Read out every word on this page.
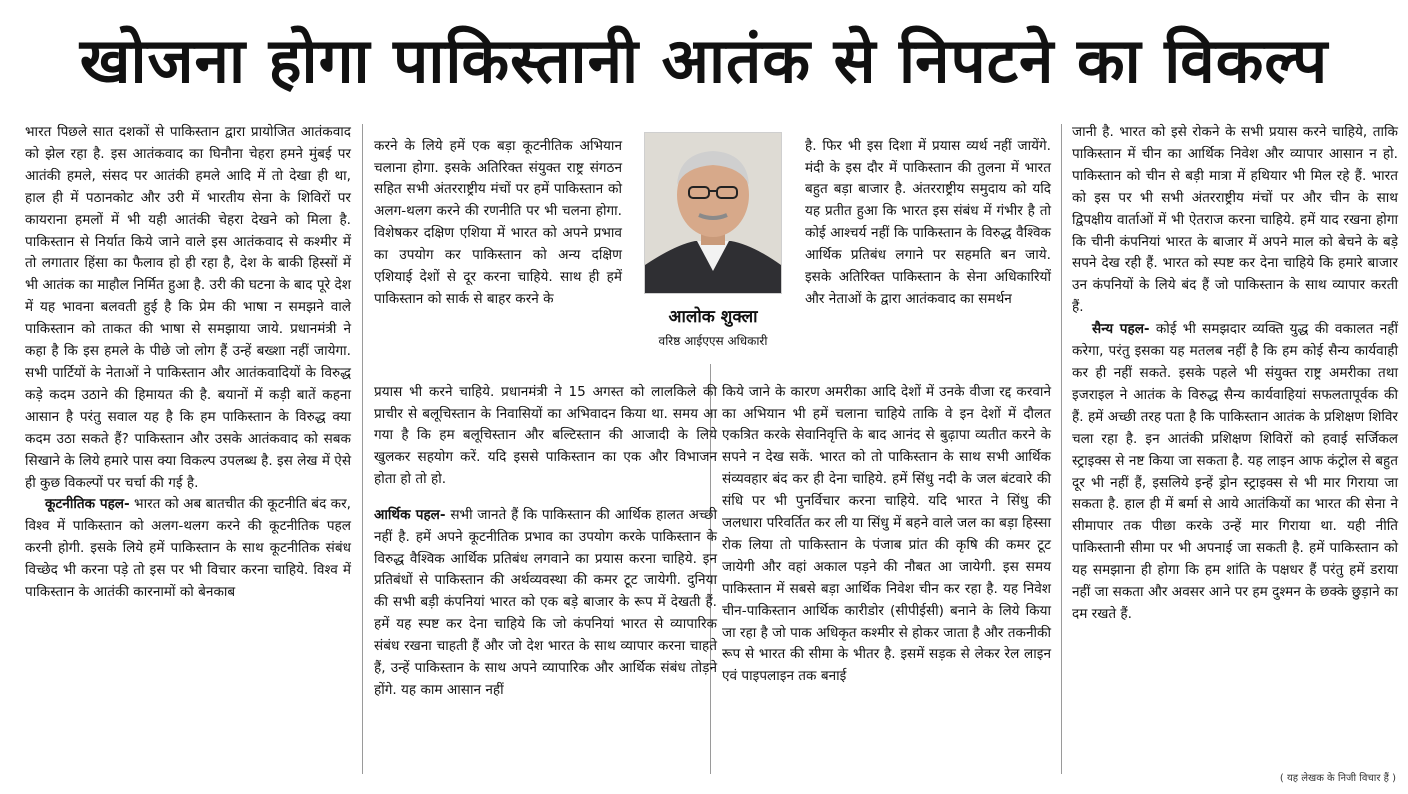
खोजना होगा पाकिस्तानी आतंक से निपटने का विकल्प

भारत पिछले सात दशकों से पाकिस्तान द्वारा प्रायोजित आतंकवाद को झेल रहा है. इस आतंकवाद का घिनौना चेहरा हमने मुंबई पर आतंकी हमले, संसद पर आतंकी हमले आदि में तो देखा ही था, हाल ही में पठानकोट और उरी में भारतीय सेना के शिविरों पर कायराना हमलों में भी यही आतंकी चेहरा देखने को मिला है. पाकिस्तान से निर्यात किये जाने वाले इस आतंकवाद से कश्मीर में तो लगातार हिंसा का फैलाव हो ही रहा है, देश के बाकी हिस्सों में भी आतंक का माहौल निर्मित हुआ है. उरी की घटना के बाद पूरे देश में यह भावना बलवती हुई है कि प्रेम की भाषा न समझने वाले पाकिस्तान को ताकत की भाषा से समझाया जाये. प्रधानमंत्री ने कहा है कि इस हमले के पीछे जो लोग हैं उन्हें बख्शा नहीं जायेगा. सभी पार्टियों के नेताओं ने पाकिस्तान और आतंकवादियों के विरुद्ध कड़े कदम उठाने की हिमायत की है. बयानों में कड़ी बातें कहना आसान है परंतु सवाल यह है कि हम पाकिस्तान के विरुद्ध क्या कदम उठा सकते हैं? पाकिस्तान और उसके आतंकवाद को सबक सिखाने के लिये हमारे पास क्या विकल्प उपलब्ध है. इस लेख में ऐसे ही कुछ विकल्पों पर चर्चा की गई है.

कूटनीतिक पहल- भारत को अब बातचीत की कूटनीति बंद कर, विश्व में पाकिस्तान को अलग-थलग करने की कूटनीतिक पहल करनी होगी. इसके लिये हमें पाकिस्तान के साथ कूटनीतिक संबंध विच्छेद भी करना पड़े तो इस पर भी विचार करना चाहिये. विश्व में पाकिस्तान के आतंकी कारनामों को बेनकाब

करने के लिये हमें एक बड़ा कूटनीतिक अभियान चलाना होगा. इसके अतिरिक्त संयुक्त राष्ट्र संगठन सहित सभी अंतरराष्ट्रीय मंचों पर हमें पाकिस्तान को अलग-थलग करने की रणनीति पर भी चलना होगा. विशेषकर दक्षिण एशिया में भारत को अपने प्रभाव का उपयोग कर पाकिस्तान को अन्य दक्षिण एशियाई देशों से दूर करना चाहिये. साथ ही हमें पाकिस्तान को सार्क से बाहर करने के

आलोक शुक्ला
वरिष्ठ आईएएस अधिकारी

प्रयास भी करने चाहिये. प्रधानमंत्री ने 15 अगस्त को लालकिले की प्राचीर से बलूचिस्तान के निवासियों का अभिवादन किया था. समय आ गया है कि हम बलूचिस्तान और बल्टिस्तान की आजादी के लिये खुलकर सहयोग करें. यदि इससे पाकिस्तान का एक और विभाजन होता हो तो हो.

आर्थिक पहल- सभी जानते हैं कि पाकिस्तान की आर्थिक हालत अच्छी नहीं है. हमें अपने कूटनीतिक प्रभाव का उपयोग करके पाकिस्तान के विरुद्ध वैश्विक आर्थिक प्रतिबंध लगवाने का प्रयास करना चाहिये. इन प्रतिबंधों से पाकिस्तान की अर्थव्यवस्था की कमर टूट जायेगी. दुनिया की सभी बड़ी कंपनियां भारत को एक बड़े बाजार के रूप में देखती हैं. हमें यह स्पष्ट कर देना चाहिये कि जो कंपनियां भारत से व्यापारिक संबंध रखना चाहती हैं और जो देश भारत के साथ व्यापार करना चाहते हैं, उन्हें पाकिस्तान के साथ अपने व्यापारिक और आर्थिक संबंध तोड़ने होंगे. यह काम आसान नहीं

है. फिर भी इस दिशा में प्रयास व्यर्थ नहीं जायेंगे. मंदी के इस दौर में पाकिस्तान की तुलना में भारत बहुत बड़ा बाजार है. अंतरराष्ट्रीय समुदाय को यदि यह प्रतीत हुआ कि भारत इस संबंध में गंभीर है तो कोई आश्चर्य नहीं कि पाकिस्तान के विरुद्ध वैश्विक आर्थिक प्रतिबंध लगाने पर सहमति बन जाये. इसके अतिरिक्त पाकिस्तान के सेना अधिकारियों और नेताओं के द्वारा आतंकवाद का समर्थन

किये जाने के कारण अमरीका आदि देशों में उनके वीजा रद्द करवाने का अभियान भी हमें चलाना चाहिये ताकि वे इन देशों में दौलत एकत्रित करके सेवानिवृत्ति के बाद आनंद से बुढ़ापा व्यतीत करने के सपने न देख सकें. भारत को तो पाकिस्तान के साथ सभी आर्थिक संव्यवहार बंद कर ही देना चाहिये. हमें सिंधु नदी के जल बंटवारे की संधि पर भी पुनर्विचार करना चाहिये. यदि भारत ने सिंधु की जलधारा परिवर्तित कर ली या सिंधु में बहने वाले जल का बड़ा हिस्सा रोक लिया तो पाकिस्तान के पंजाब प्रांत की कृषि की कमर टूट जायेगी और वहां अकाल पड़ने की नौबत आ जायेगी. इस समय पाकिस्तान में सबसे बड़ा आर्थिक निवेश चीन कर रहा है. यह निवेश चीन-पाकिस्तान आर्थिक कारीडोर (सीपीईसी) बनाने के लिये किया जा रहा है जो पाक अधिकृत कश्मीर से होकर जाता है और तकनीकी रूप से भारत की सीमा के भीतर है. इसमें सड़क से लेकर रेल लाइन एवं पाइपलाइन तक बनाई

जानी है. भारत को इसे रोकने के सभी प्रयास करने चाहिये, ताकि पाकिस्तान में चीन का आर्थिक निवेश और व्यापार आसान न हो. पाकिस्तान को चीन से बड़ी मात्रा में हथियार भी मिल रहे हैं. भारत को इस पर भी सभी अंतरराष्ट्रीय मंचों पर और चीन के साथ द्विपक्षीय वार्ताओं में भी ऐतराज करना चाहिये. हमें याद रखना होगा कि चीनी कंपनियां भारत के बाजार में अपने माल को बेचने के बड़े सपने देख रही हैं. भारत को स्पष्ट कर देना चाहिये कि हमारे बाजार उन कंपनियों के लिये बंद हैं जो पाकिस्तान के साथ व्यापार करती हैं.

सैन्य पहल- कोई भी समझदार व्यक्ति युद्ध की वकालत नहीं करेगा, परंतु इसका यह मतलब नहीं है कि हम कोई सैन्य कार्यवाही कर ही नहीं सकते. इसके पहले भी संयुक्त राष्ट्र अमरीका तथा इजराइल ने आतंक के विरुद्ध सैन्य कार्यवाहियां सफलतापूर्वक की हैं. हमें अच्छी तरह पता है कि पाकिस्तान आतंक के प्रशिक्षण शिविर चला रहा है. इन आतंकी प्रशिक्षण शिविरों को हवाई सर्जिकल स्ट्राइक्स से नष्ट किया जा सकता है. यह लाइन आफ कंट्रोल से बहुत दूर भी नहीं हैं, इसलिये इन्हें ड्रोन स्ट्राइक्स से भी मार गिराया जा सकता है. हाल ही में बर्मा से आये आतंकियों का भारत की सेना ने सीमापार तक पीछा करके उन्हें मार गिराया था. यही नीति पाकिस्तानी सीमा पर भी अपनाई जा सकती है. हमें पाकिस्तान को यह समझाना ही होगा कि हम शांति के पक्षधर हैं परंतु हमें डराया नहीं जा सकता और अवसर आने पर हम दुश्मन के छक्के छुड़ाने का दम रखते हैं.

( यह लेखक के निजी विचार हैं )
